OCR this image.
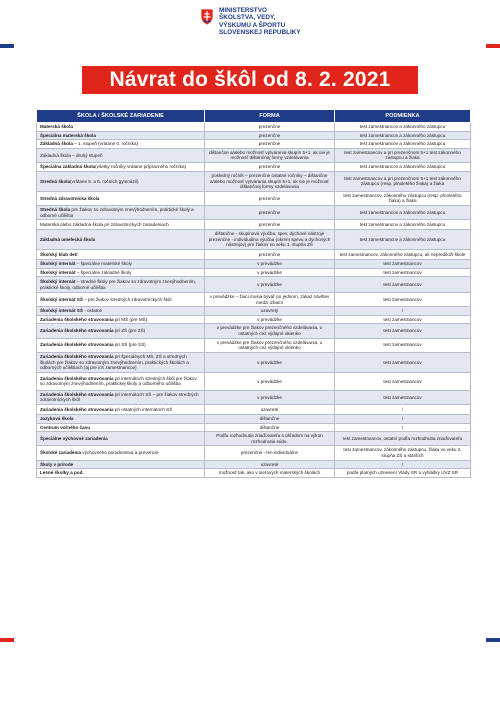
MINISTERSTVO
ŠKOLSTVA, VEDY,
VÝSKUMU A ŠPORTU
SLOVENSKEJ REPUBLIKY
Návrat do škôl od 8. 2. 2021
ŠKOLA / ŠKOLSKÉ ZARIADENIE	FORMA	PODMIENKA
Materská škola	prezenčne	test zamestnancov a zákonného zástupcu
Špeciálna materská škola	prezenčne	test zamestnancov a zákonného zástupcu
Základná škola – 1. stupeň (vrátane 0. ročníka)	prezenčne	test zamestnancov a zákonného zástupcu
Základná škola – druhý stupeň	dištančne a/alebo možnosť vytvárania skupín 5+1, ak nie je možnosť dištančnej formy vzdelávania	test zamestnancov a pri prezenčnom 5+1 test zákonného zástupcu a žiaka
Špeciálna základná škola(všetky ročníky vrátane prípravného ročníka)	prezenčne	test zamestnancov a zákonného zástupcu
Stredná škola(vrátane 5. a 6. ročních gymnázií)	posledný ročník – prezenčne ostatné ročníky – dištančne a/alebo možnosť vytvárania skupín 5+1, ak nie je možnosť dištančnej formy vzdelávania	test zamestnancov a pri prezenčnom 5+1 test zákonného zástupcu (resp. plnoletého žiaka) a žiaka
Stredná zdravotnícka škola	prezenčne	test zamestnancov, zákonného zástupcu (resp. plnoletého žiaka) a žiaka
Stredná škola pre žiakov so zdravotným znevýhodnením, praktické školy a odborné učilištia	prezenčne	test zamestnancov a zákonného zástupcu
Materská alebo základná škola pri zdravotníckych zariadeniach	prezenčne	test zamestnancov a zákonného zástupcu
Základná umelecká škola	dištančne - skupinová výučba, spev, dychové nástroje prezenčne - individuálna výučba (okrem spevu a dychových nástrojov) pre žiakov vo veku 1. stupňa ZŠ	test zamestnancov a zákonného zástupcu
Školský klub detí	prezenčne	test zamestnancov, zákonného zástupcu, ak neprediloží škole
Školský internát – špeciálne materské školy	v prevádzke	test zamestnancov
Školský internát – špeciálne základné školy	v prevádzke	test zamestnancov
Školský internát – stredné školy pre žiakov so zdravotným znevýhodnením, praktické školy, odborné učilištia	v prevádzke	test zamestnancov
Školský internát SŠ – pre žiakov stredných zdravotníckych škôl	v prevádzke – žiaci musia býváť po jednom, zákaz návštev medzi izbami	test zamestnancov
Školský internát SŠ - ostatné	uzavretý	/
Zariadenia školského stravovania pri MŠ (pre MŠ)	v prevádzke	test zamestnancov
Zariadenia školského stravovania pri ZŠ (pre ZŠ)	v prevádzke pre žiakov prezenčného vzdelávania, u ostatných cez výdajné okienko	test zamestnancov
Zariadenia školského stravovania pri SŠ (pre SŠ)	v prevádzke pre žiakov prezenčného vzdelávania, u ostatných cez výdajné okienko	test zamestnancov
Zariadenia školského stravovania pri špeciálnych MŠ, ZŠ a stredných školách pre žiakov so zdravotným znevýhodnením, praktických školách a odborných učilištiach (aj pre ich zamestnancov)	v prevádzke	test zamestnancov
Zariadenia školského stravovania pri internátoch stredných škôl pre žiakov so zdravotným znevýhodnením, praktickej školy a odborného učilištia	v prevádzke	test zamestnancov
Zariadenia školského stravovania pri internátoch SŠ – pre žiakov stredných zdravotníckych škôl	v prevádzke	test zamestnancov
Zariadenia školského stravovania pri ostatných internátoch SŠ	uzavreté	/
Jazyková škola	dištančne	/
Centrum voľného času	dištančne	/
Špeciálne výchovné zariadenia	Podľa rozhodnutia zriaďovateľa s ohľadom na výkon rozhodnutia súdu.	test zamestnancov, ostatní podľa rozhodnutia zriaďovateľa
Školské zariadenia výchovného poradenstva a prevencie	prezenčne - len individuálne	test zamestnancov, zákonného zástupcu, žiaka vo veku 2. stupňa ZŠ a starších
Školy v prírode	uzavreté	/
Lesné školky a pod.	možnosť tak, ako v sieťových materských školách	podľa platných uznesení Vlády SR a vyhlášky ÚVZ SR
